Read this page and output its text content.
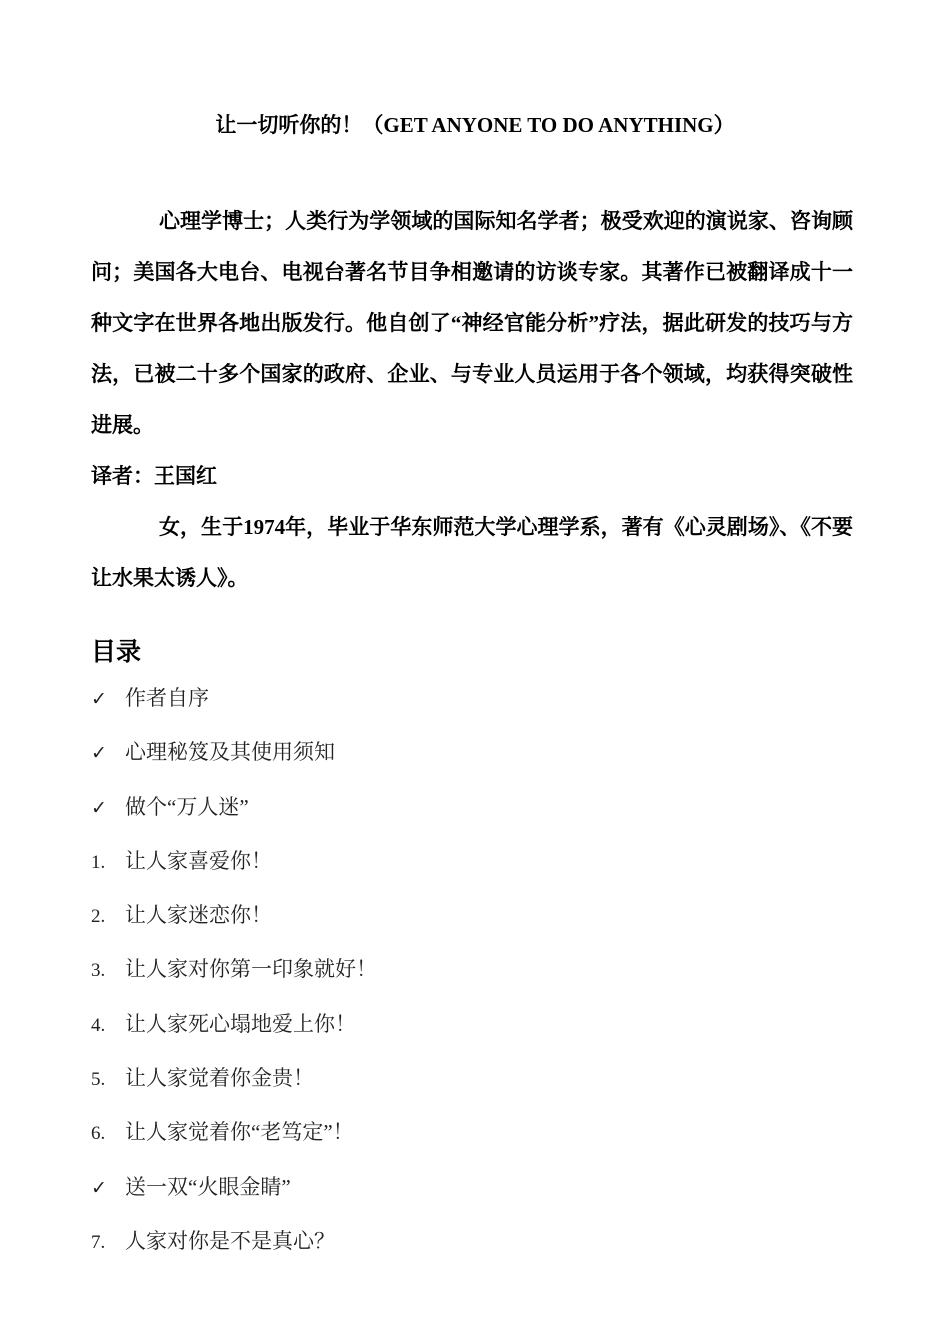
让一切听你的！（GET ANYONE TO DO ANYTHING）

心理学博士；人类行为学领域的国际知名学者；极受欢迎的演说家、咨询顾问；美国各大电台、电视台著名节目争相邀请的访谈专家。其著作已被翻译成十一种文字在世界各地出版发行。他自创了“神经官能分析”疗法，据此研发的技巧与方法，已被二十多个国家的政府、企业、与专业人员运用于各个领域，均获得突破性进展。

译者：王国红

女，生于1974年，毕业于华东师范大学心理学系，著有《心灵剧场》、《不要让水果太诱人》。

目录
✓ 作者自序
✓ 心理秘笈及其使用须知
✓ 做个“万人迷”
1. 让人家喜爱你！
2. 让人家迷恋你！
3. 让人家对你第一印象就好！
4. 让人家死心塌地爱上你！
5. 让人家觉着你金贵！
6. 让人家觉着你“老笃定”！
✓ 送一双“火眼金睛”
7. 人家对你是不是真心？
